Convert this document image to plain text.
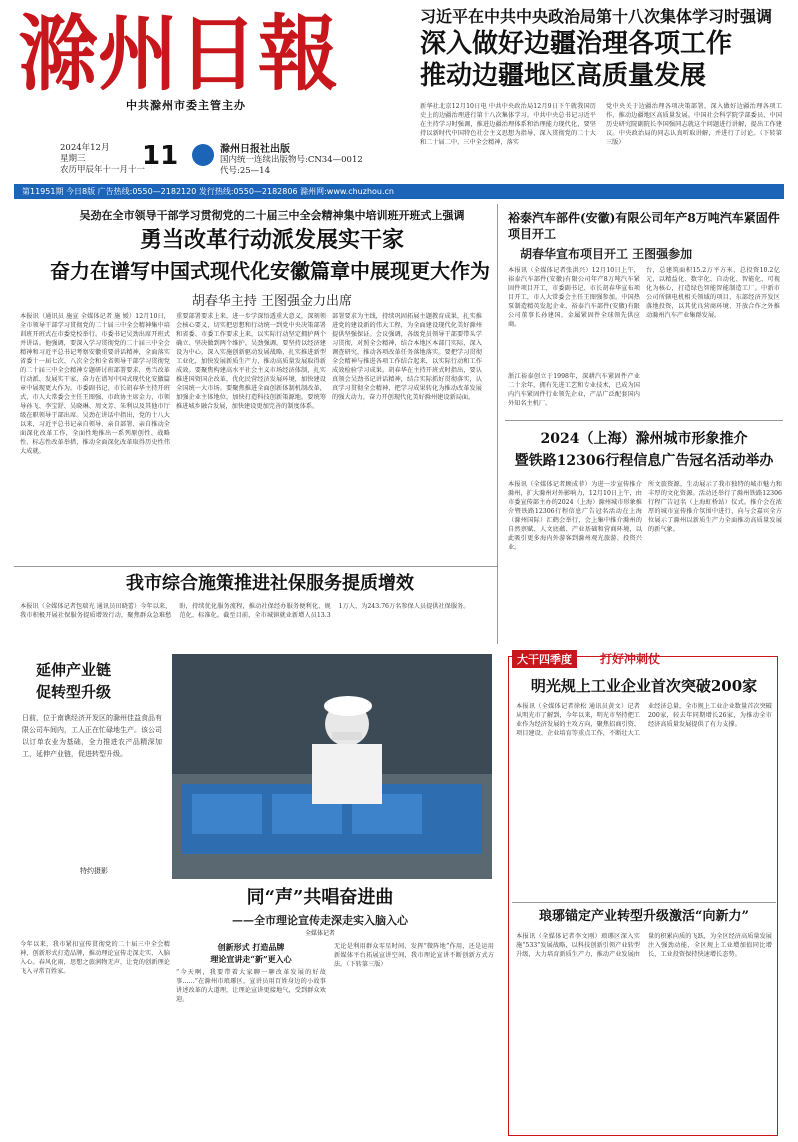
滁州日報
中共滁州市委主管主办
2024年12月
星期三
农历甲辰年十一月十一
11	滁州日报社出版
国内统一连续出版物号:CN34—0012
代号:25—14
习近平在中共中央政治局第十八次集体学习时强调
深入做好边疆治理各项工作
推动边疆地区高质量发展
新华社北京12月10日电 中共中央政治局12月9日下午就我国历史上的边疆治理进行第十八次集体学习。中共中央总书记习近平在主持学习时强调，推进边疆治理体系和治理能力现代化，要坚持以新时代中国特色社会主义思想为指导，深入贯彻党的二十大和二十届二中、三中全会精神，落实
党中央关于边疆治理各项决策部署，深入做好边疆治理各项工作，推动边疆地区高质量发展。中国社会科学院学部委员、中国历史研究院副院长李国强同志就这个问题进行讲解，提出工作建议。中央政治局的同志认真听取讲解，并进行了讨论。（下转第三版）
第11951期 今日8版 广告热线:0550—2182120 发行热线:0550—2182806 滁州网:www.chuzhou.cn
吴劲在全市领导干部学习贯彻党的二十届三中全会精神集中培训班开班式上强调
勇当改革行动派发展实干家
奋力在谱写中国式现代化安徽篇章中展现更大作为
胡春华主持 王图强金力出席
本报讯（通讯员 施宣 全媒体记者 施 嫒）12月10日，全市领导干部学习贯彻党的二十届三中全会精神集中培训班开班式在市委党校举行。市委书记吴劲出席开班式并讲话。他强调，要深入学习贯彻党的二十届三中全会精神和习近平总书记考察安徽重要讲话精神，全面落实省委十一届七次、八次全会和全省领导干部学习贯彻党的二十届三中全会精神专题研讨班部署要求，勇当改革行动派、发展实干家，奋力在谱写中国式现代化安徽篇章中展现更大作为。市委副书记、市长胡春华主持开班式，市人大常委会主任王图强、市政协主席金力，市领导孙飞、李宝舒、吴晓琳、周文芳、朱利以及其他市厅级在职领导干部出席。吴劲在讲话中指出，党的十八大以来，习近平总书记亲自领导、亲自部署、亲自推动全面深化改革工作，全面性地推出一系列原创性、战略性、标志性改革举措，推动全面深化改革取得历史性伟大成就。
重要部署要求上来，进一步学深悟透重大意义，深刻领会核心要义，切实把思想和行动统一到党中央决策部署和省委、市委工作要求上来，以实际行动坚定拥护两个确立、坚决做到两个维护。吴劲强调，要坚持以经济建设为中心，深入实施创新驱动发展战略，扎实推进新型工业化，加快发展新质生产力，推动高质量发展取得新成效。要聚焦构建高水平社会主义市场经济体制，扎实推进国资国企改革，优化民营经济发展环境，加快建设全国统一大市场。要聚焦推进全面创新体制机制改革，加强企业主体地位，加快打造科技创新策源地。要统筹推进城乡融合发展，加快建设更加完善的制度体系。
部署要求为主线，持续巩固拓展主题教育成果，扎实推进党的建设新的伟大工程，为全面建设现代化美好滁州提供坚强保证。会议强调，各级党员领导干部要带头学习贯彻，对照全会精神，结合本地区本部门实际，深入调查研究，推动各项改革任务落地落实。要把学习贯彻全会精神与推进各项工作结合起来，以实际行动和工作成效检验学习成果。胡春华在主持开班式时指出，要认真领会吴劲书记讲话精神，结合实际抓好贯彻落实，认真学习贯彻全会精神，把学习成果转化为推动改革发展的强大动力，奋力开创现代化美好滁州建设新局面。
裕泰汽车部件(安徽)有限公司年产8万吨汽车紧固件项目开工
胡春华宣布项目开工 王图强参加
本报讯（全媒体记者张洪兴）12月10日上午，裕泰汽车部件(安徽)有限公司年产8万吨汽车紧固件项目开工，市委副书记、市长胡春华宣布项目开工，市人大常委会主任王图强参加。中国热泵制造精英发起企业，裕泰汽车部件(安徽)有限公司董事长孙建国，金属紧固件全球领先供应商。
台，总建筑面积15.2万平方米，总投资10.2亿元，以精益化、数字化、自动化、智能化、可视化为核心，打造绿色智能智能制造工厂。中新市公司所辖电机相关领域的项目，东部经济开发区落地投资，以其优良营商环境、开放合作之外推动滁州汽车产业集群发展。
浙江裕泰创立于1998年，深耕汽车紧固件产业二十余年，拥有先进工艺和专业技术，已成为国内汽车紧固件行业领先企业，产品广泛配套国内外知名主机厂。
2024（上海）滁州城市形象推介
暨铁路12306行程信息广告冠名活动举办
本报讯（全媒体记者顾成菲）为进一步宣传推介滁州，扩大滁州对外影响力，12月10日上午，由市委宣传部主办的2024（上海）滁州城市形象推介暨铁路12306行程信息广告冠名活动在上海（滁州国际）汇鹤会举行，会上集中推介滁州的自然禀赋、人文底蕴、产业基础和营商环境，以此吸引更多海内外游客到滁州观光旅游、投资兴业。
所文旅资源，生动展示了我市独特的城市魅力和丰厚的文化资源。活动还举行了滁州铁路12306行程广告冠名（上海虹桥站）仪式。推介会在浓厚的城市宣传推介氛围中进行，向与会嘉宾全方位展示了滁州以新质生产力全面推动高质量发展的新气象。
我市综合施策推进社保服务提质增效
本报讯（全媒体记者包瑞光 通讯员田晓蕾）今年以来，我市积极开展社保服务提质增效行动，聚焦群众急难愁盼，持续优化服务流程，推动社保经办服务便利化、规范化、标准化。截至目前，全市城镇就业新增人员13.31万人、为243.76万名参保人员提供社保服务。
延伸产业链
促转型升级
日前，位于南谯经济开发区的滁州佳益食品有限公司车间内，工人正在忙碌地生产。该公司以订单农业为基础，全力推进农产品精深加工，延伸产业链，促进转型升级。
特约摄影
大干四季度	打好冲刺仗
明光规上工业企业首次突破200家
本报讯（全媒体记者徐松 通讯员黄文）记者从明光市了解到，今年以来，明光市坚持把工业作为经济发展的主攻方向，聚焦招商引资、项目建设、企业培育等重点工作，不断壮大工业经济总量，全市规上工业企业数量首次突破200家，较去年同期增长26家，为推动全市经济高质量发展提供了有力支撑。
琅琊锚定产业转型升级激活“向新力”
本报讯（全媒体记者李文刚）琅琊区深入实施“533”发展战略，以科技创新引领产业转型升级，大力培育新质生产力，推动产业发展由量的积累向质的飞跃，为全区经济高质量发展注入强劲动能，全区规上工业增加值同比增长，工业投资保持快速增长态势。
同“声”共唱奋进曲
——全市理论宣传走深走实入脑入心
全媒体记者
今年以来，我市紧扣宣传贯彻党的二十届三中全会精神，创新形式打造品牌，推动理论宣传走深走实、入脑入心。春风化雨，思想之旅润物无声，让党的创新理论飞入寻常百姓家。
创新形式 打造品牌
理论宣讲走“新”更入心
“今天啊，我要带着大家聊一聊改革发展的好故事……”在滁州市琅琊区，宣讲员用百姓身边的小故事讲述改革的大道理，让理论宣讲更接地气，受到群众欢迎。
无论是利用群众零星时间、发挥“微阵地”作用，还是运用新媒体平台拓展宣讲空间，我市理论宣讲不断创新方式方法。（下转第三版）
